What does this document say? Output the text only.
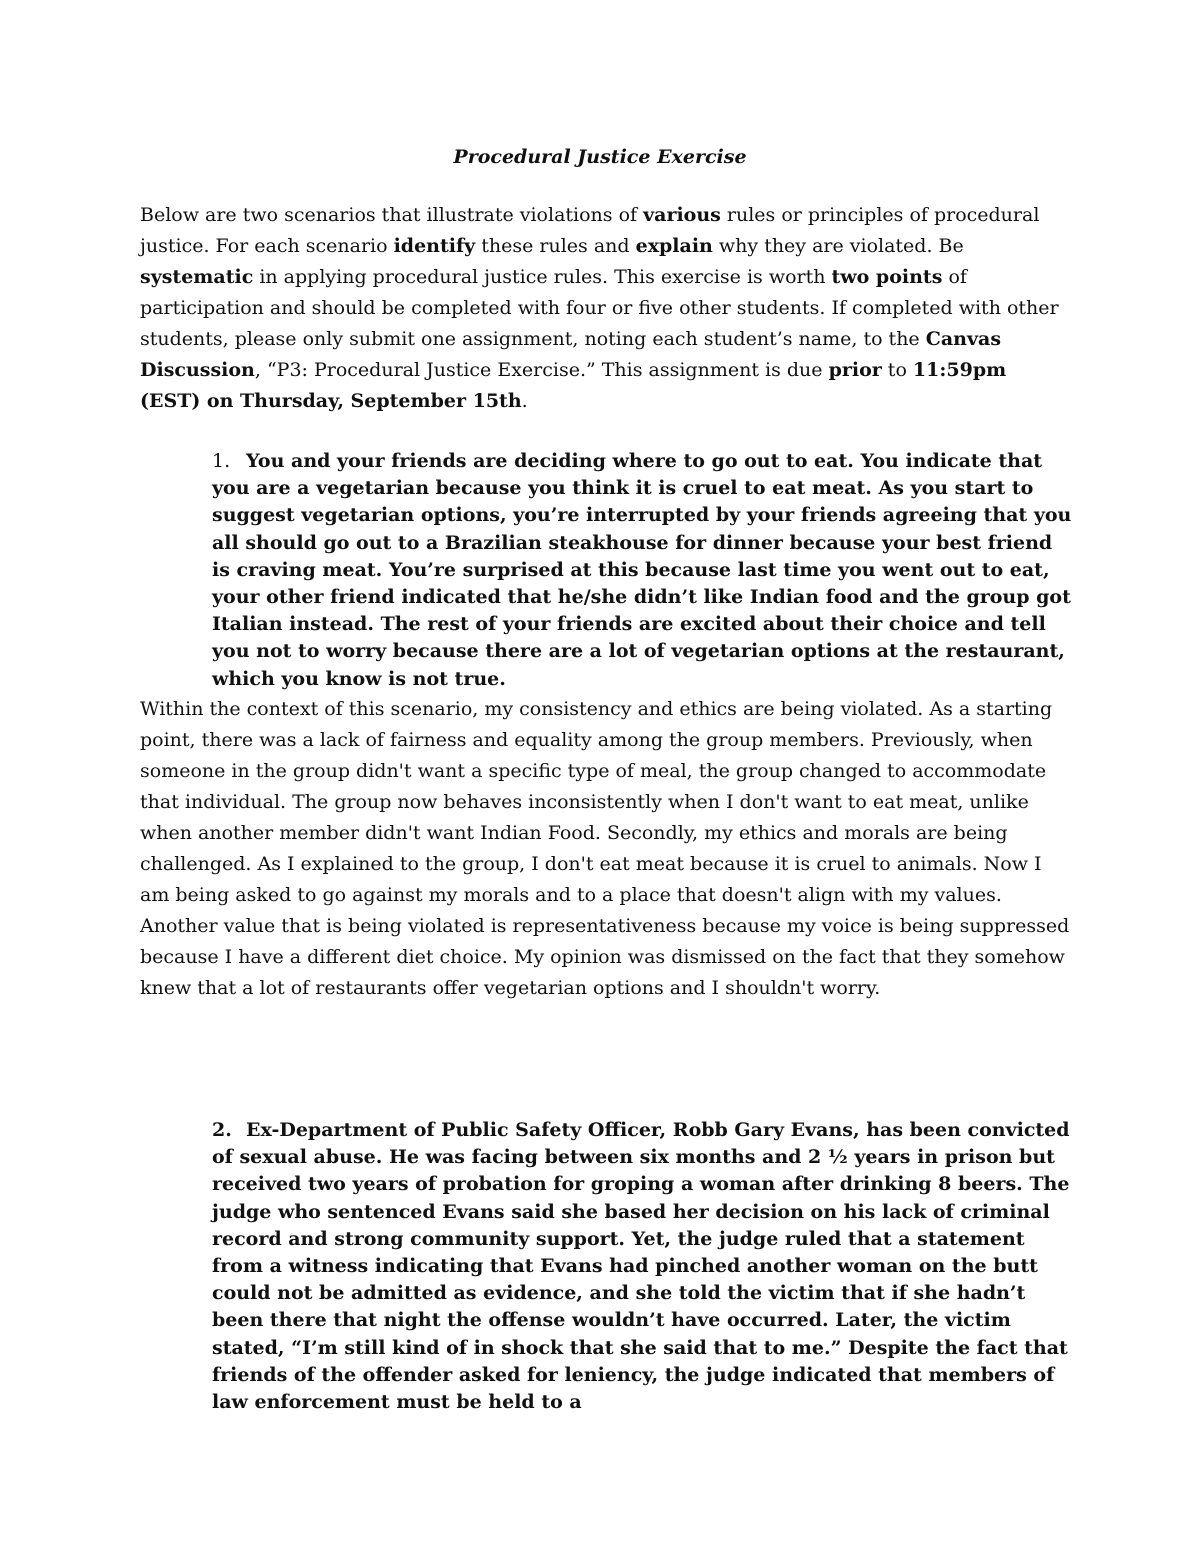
Procedural Justice Exercise

Below are two scenarios that illustrate violations of various rules or principles of procedural justice. For each scenario identify these rules and explain why they are violated. Be systematic in applying procedural justice rules. This exercise is worth two points of participation and should be completed with four or five other students. If completed with other students, please only submit one assignment, noting each student’s name, to the Canvas Discussion, “P3: Procedural Justice Exercise.” This assignment is due prior to 11:59pm (EST) on Thursday, September 15th.

1. You and your friends are deciding where to go out to eat. You indicate that you are a vegetarian because you think it is cruel to eat meat. As you start to suggest vegetarian options, you’re interrupted by your friends agreeing that you all should go out to a Brazilian steakhouse for dinner because your best friend is craving meat. You’re surprised at this because last time you went out to eat, your other friend indicated that he/she didn’t like Indian food and the group got Italian instead. The rest of your friends are excited about their choice and tell you not to worry because there are a lot of vegetarian options at the restaurant, which you know is not true.

Within the context of this scenario, my consistency and ethics are being violated. As a starting point, there was a lack of fairness and equality among the group members. Previously, when someone in the group didn't want a specific type of meal, the group changed to accommodate that individual. The group now behaves inconsistently when I don't want to eat meat, unlike when another member didn't want Indian Food. Secondly, my ethics and morals are being challenged. As I explained to the group, I don't eat meat because it is cruel to animals. Now I am being asked to go against my morals and to a place that doesn't align with my values. Another value that is being violated is representativeness because my voice is being suppressed because I have a different diet choice. My opinion was dismissed on the fact that they somehow knew that a lot of restaurants offer vegetarian options and I shouldn't worry.

2. Ex-Department of Public Safety Officer, Robb Gary Evans, has been convicted of sexual abuse. He was facing between six months and 2 ½ years in prison but received two years of probation for groping a woman after drinking 8 beers. The judge who sentenced Evans said she based her decision on his lack of criminal record and strong community support. Yet, the judge ruled that a statement from a witness indicating that Evans had pinched another woman on the butt could not be admitted as evidence, and she told the victim that if she hadn’t been there that night the offense wouldn’t have occurred. Later, the victim stated, “I’m still kind of in shock that she said that to me.” Despite the fact that friends of the offender asked for leniency, the judge indicated that members of law enforcement must be held to a
